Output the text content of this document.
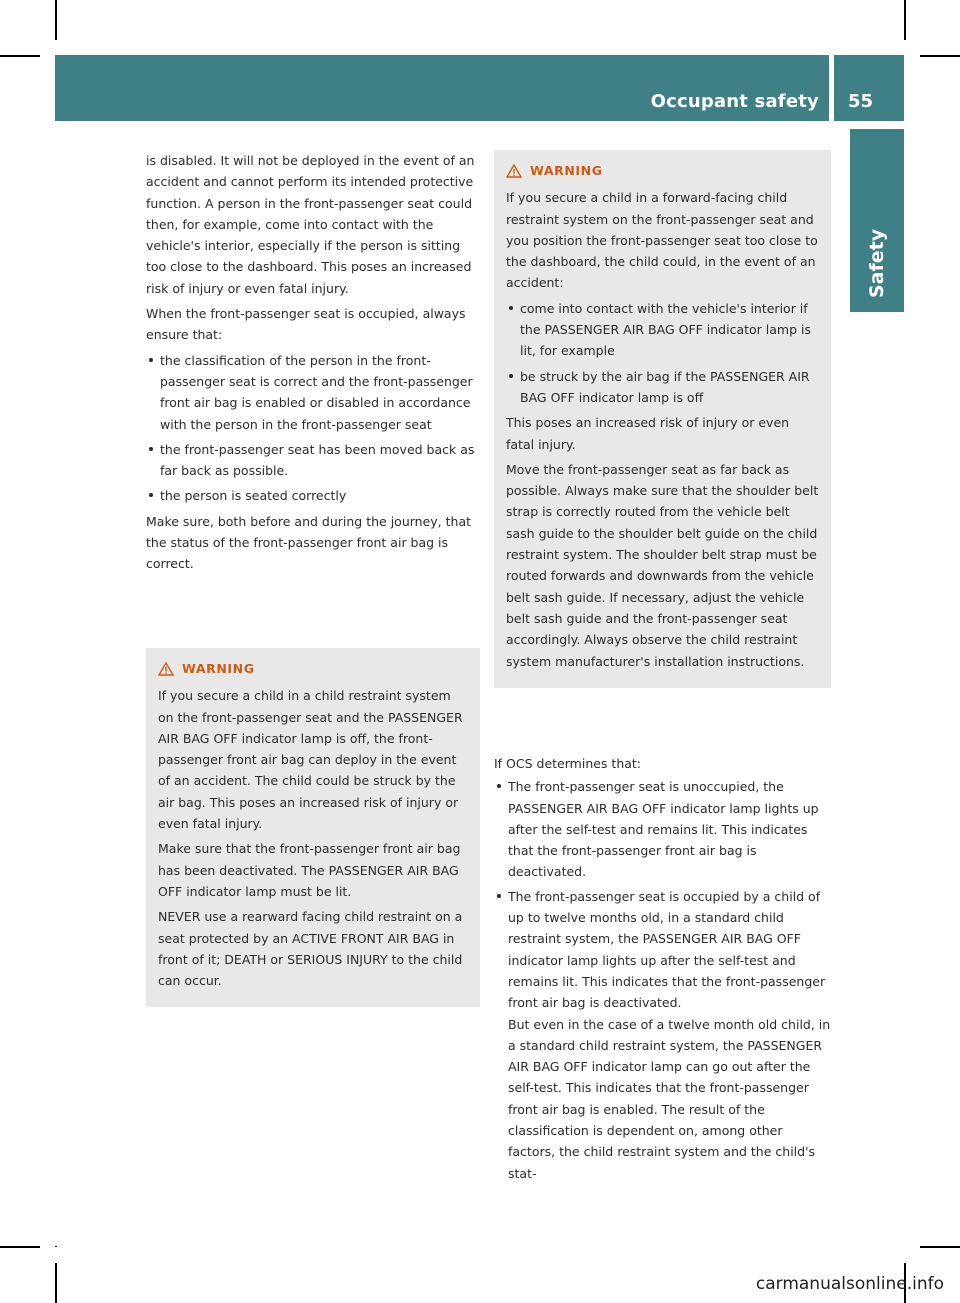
Occupant safety 55
Safety

is disabled. It will not be deployed in the event of an accident and cannot perform its intended protective function. A person in the front-passenger seat could then, for example, come into contact with the vehicle's interior, especially if the person is sitting too close to the dashboard. This poses an increased risk of injury or even fatal injury.

When the front-passenger seat is occupied, always ensure that:

the classification of the person in the front-passenger seat is correct and the front-passenger front air bag is enabled or disabled in accordance with the person in the front-passenger seat
the front-passenger seat has been moved back as far back as possible.
the person is seated correctly

Make sure, both before and during the journey, that the status of the front-passenger front air bag is correct.

WARNING

If you secure a child in a child restraint system on the front-passenger seat and the PASSENGER AIR BAG OFF indicator lamp is off, the front-passenger front air bag can deploy in the event of an accident. The child could be struck by the air bag. This poses an increased risk of injury or even fatal injury.

Make sure that the front-passenger front air bag has been deactivated. The PASSENGER AIR BAG OFF indicator lamp must be lit.

NEVER use a rearward facing child restraint on a seat protected by an ACTIVE FRONT AIR BAG in front of it; DEATH or SERIOUS INJURY to the child can occur.

WARNING

If you secure a child in a forward-facing child restraint system on the front-passenger seat and you position the front-passenger seat too close to the dashboard, the child could, in the event of an accident:

come into contact with the vehicle's interior if the PASSENGER AIR BAG OFF indicator lamp is lit, for example
be struck by the air bag if the PASSENGER AIR BAG OFF indicator lamp is off

This poses an increased risk of injury or even fatal injury.

Move the front-passenger seat as far back as possible. Always make sure that the shoulder belt strap is correctly routed from the vehicle belt sash guide to the shoulder belt guide on the child restraint system. The shoulder belt strap must be routed forwards and downwards from the vehicle belt sash guide. If necessary, adjust the vehicle belt sash guide and the front-passenger seat accordingly. Always observe the child restraint system manufacturer's installation instructions.

If OCS determines that:

The front-passenger seat is unoccupied, the PASSENGER AIR BAG OFF indicator lamp lights up after the self-test and remains lit. This indicates that the front-passenger front air bag is deactivated.
The front-passenger seat is occupied by a child of up to twelve months old, in a standard child restraint system, the PASSENGER AIR BAG OFF indicator lamp lights up after the self-test and remains lit. This indicates that the front-passenger front air bag is deactivated.

But even in the case of a twelve month old child, in a standard child restraint system, the PASSENGER AIR BAG OFF indicator lamp can go out after the self-test. This indicates that the front-passenger front air bag is enabled. The result of the classification is dependent on, among other factors, the child restraint system and the child's stat-

carmanualsonline.info
